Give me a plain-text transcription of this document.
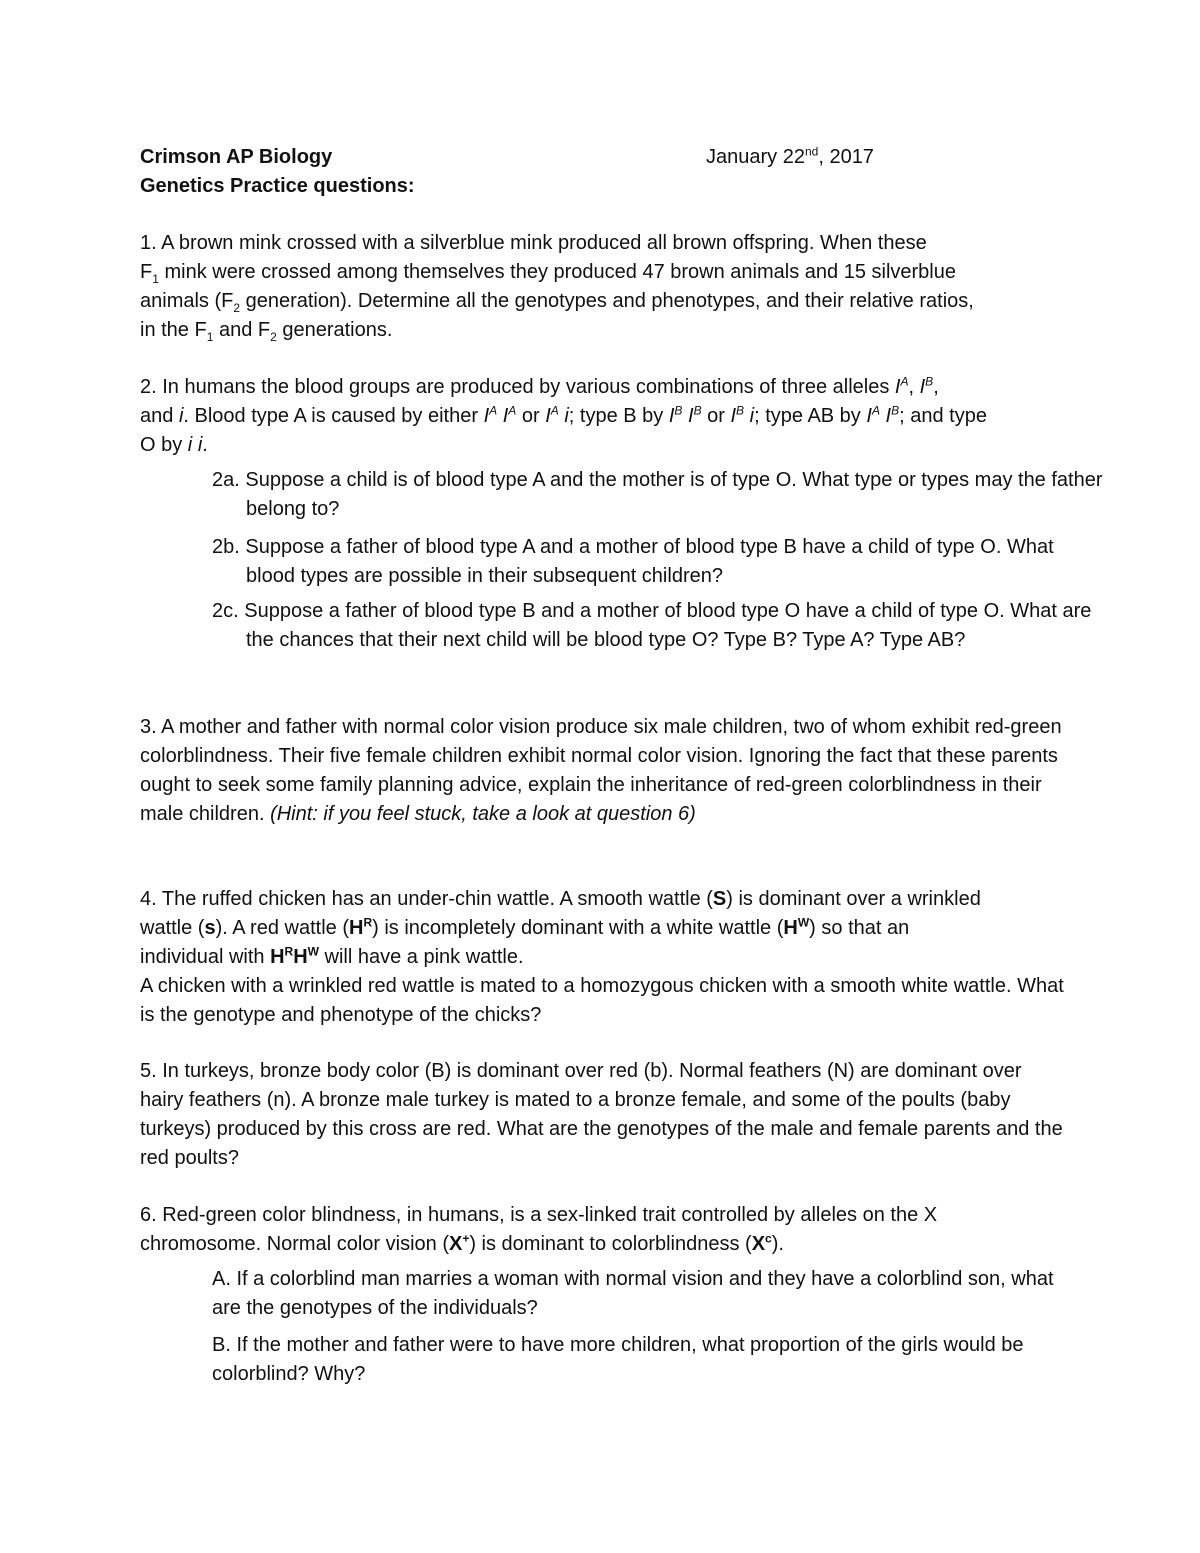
Crimson AP Biology	January 22nd, 2017
Genetics Practice questions:

1. A brown mink crossed with a silverblue mink produced all brown offspring. When these

$F_1$ mink were crossed among themselves they produced 47 brown animals and 15 silverblue

animals ($F_2$ generation). Determine all the genotypes and phenotypes, and their relative ratios,

in the $F_1$ and $F_2$ generations.

2. In humans the blood groups are produced by various combinations of three alleles $I^A$, $I^B$,

and i. Blood type A is caused by either $I^A$ $I^A$ or $I^A$ i; type B by $I^B$ $I^B$ or $I^B$ i; type AB by $I^A$ $I^B$; and type

O by i i.

2a. Suppose a child is of blood type A and the mother is of type O. What type or types may the father belong to?
2b. Suppose a father of blood type A and a mother of blood type B have a child of type O. What blood types are possible in their subsequent children?
2c. Suppose a father of blood type B and a mother of blood type O have a child of type O. What are the chances that their next child will be blood type O? Type B? Type A? Type AB?

3. A mother and father with normal color vision produce six male children, two of whom exhibit red-green colorblindness. Their five female children exhibit normal color vision. Ignoring the fact that these parents ought to seek some family planning advice, explain the inheritance of red-green colorblindness in their male children. (Hint: if you feel stuck, take a look at question 6)

4. The ruffed chicken has an under-chin wattle. A smooth wattle (S) is dominant over a wrinkled

wattle (s). A red wattle $(H^R)$ is incompletely dominant with a white wattle $(H^W)$ so that an

individual with $H^RH^W$ will have a pink wattle.

A chicken with a wrinkled red wattle is mated to a homozygous chicken with a smooth white wattle. What is the genotype and phenotype of the chicks?

5. In turkeys, bronze body color (B) is dominant over red (b). Normal feathers (N) are dominant over hairy feathers (n). A bronze male turkey is mated to a bronze female, and some of the poults (baby turkeys) produced by this cross are red. What are the genotypes of the male and female parents and the red poults?

6. Red-green color blindness, in humans, is a sex-linked trait controlled by alleles on the X

chromosome. Normal color vision (X+) is dominant to colorblindness $(X^c)$.

A. If a colorblind man marries a woman with normal vision and they have a colorblind son, what are the genotypes of the individuals?
B. If the mother and father were to have more children, what proportion of the girls would be colorblind? Why?
